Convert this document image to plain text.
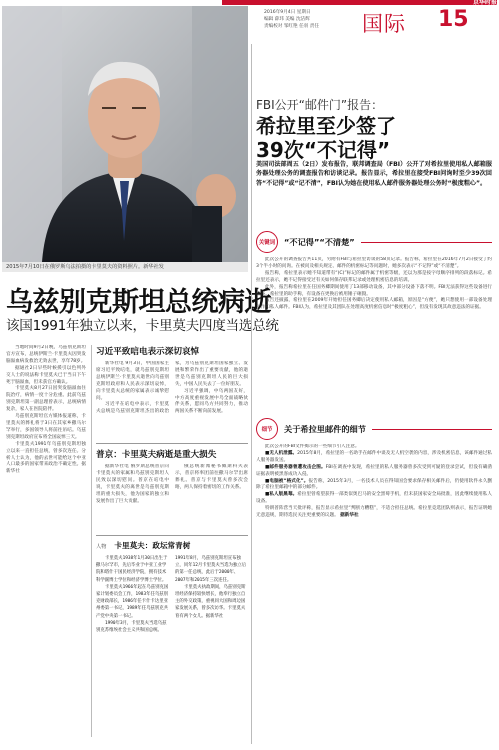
京华时报
2016年9月4日 星期日
编辑 薛玮 美编 沈洁辉
责编校对 邹红艳 任羽 责任	国际 15
2015年7月10日在俄罗斯乌法拍摄的卡里莫夫的资料照片。新华社发
乌兹别克斯坦总统病逝
该国1991年独立以来，卡里莫夫四度当选总统

当地时间9月2日晚，乌兹别克斯坦官方宣布，总统伊斯兰·卡里莫夫因突发脑溢血病发救治无效去世，享年78岁。

据通社2日早些时候援引以色列外交人士的说法称卡里莫夫已于当日下午死于脑溢血，但未获官方确认。

卡里莫夫8月27日因突发脑溢血住院治疗，病情一度十分危重。此前乌兹别克斯坦第一副总理曾表示，总统病情复杂，家人在医院陪伴。

乌兹别克斯坦官方媒体报道称，卡里莫夫的葬礼将于3日在其家乡撒马尔罕举行，多国领导人将前往吊唁。乌兹别克斯坦政府宣布将全国哀悼三天。

卡里莫夫1991年乌兹别克斯坦独立以来一直担任总统，曾多次连任。分析人士认为，他的去世可能给这个中亚人口最多的国家带来政治不确定性。据新华社

习近平致唁电表示深切哀悼

新华社电 9月3日，中国国家主席习近平致唁电，就乌兹别克斯坦总统伊斯兰·卡里莫夫逝世向乌兹别克斯坦政府和人民表示深切哀悼，向卡里莫夫总统的家属表示诚挚慰问。

习近平在唁电中表示，卡里莫夫总统是乌兹别克斯坦杰出的政治家，为乌兹别克斯坦国家独立、发展和繁荣作出了重要贡献，他的逝世是乌兹别克斯坦人民的巨大损失，中国人民失去了一位好朋友。

习近平强调，中乌两国友好，中方高度重视发展中乌全面战略伙伴关系，愿同乌方共同努力，推动两国关系不断向前发展。

普京：卡里莫夫病逝是重大损失

据新华社电 俄罗斯总统普京向卡里莫夫的家属和乌兹别克斯坦人民致以深切慰问。普京在唁电中说，卡里莫夫的离世是乌兹别克斯坦的重大损失，他为国家的独立和发展作出了巨大贡献。

俄总统新闻秘书佩斯科夫表示，普京将率团前往撒马尔罕出席葬礼。普京与卡里莫夫曾多次会晤，两人保持着密切的工作关系。

人物 卡里莫夫：政坛常青树

卡里莫夫1938年1月30日出生于撒马尔罕市，先后毕业于中亚工业学院和塔什干国民经济学院，拥有技术科学副博士学位和经济学博士学位。

卡里莫夫1966年起在乌兹别克国家计划委员会工作，1983年任乌兹别克财政部长，1986年任卡什卡达里亚州委第一书记，1989年任乌兹别克共产党中央第一书记。

1990年3月，卡里莫夫当选乌兹别克苏维埃社会主义共和国总统。1991年8月，乌兹别克斯坦宣布独立，同年12月卡里莫夫当选为独立后的第一任总统，此后于2000年、2007年和2015年三次连任。

卡里莫夫执政期间，乌兹别克斯坦经济保持较快增长，他奉行独立自主的外交政策，重视同大国和周边国家发展关系，曾多次访华。卡里莫夫育有两个女儿。据新华社

FBI公开“邮件门”报告：
希拉里至少签了
39次“不记得”
美国司法部周五（2日）发布报告，联邦调查局（FBI）公开了对希拉里使用私人邮箱服务器处理公务的调查报告和访谈记录。报告显示，希拉里在接受FBI问询时至少39次回答“不记得”或“记不清”，FBI认为她在使用私人邮件服务器处理公务时“极度粗心”。
关键词	“不记得”“不清楚”

此次公开的调查报告共11页，另附有FBI与希拉里访谈的58页记录。报告称，希拉里在2016年7月2日接受了约3个半小时的问询。在被问及相关规定、邮件的机密标记等问题时，她多次表示“不记得”或“不清楚”。

报告称，希拉里表示她不知道带有“(C)”标记的邮件属于机密等级，还以为那是按字母顺序排列的段落标记。希拉里还表示，她不记得接受过有关如何保存联邦记录或处理机密信息的培训。

此外，报告称希拉里在任国务卿期间使用了13部移动设备，其中部分设备下落不明。FBI无法获得这些设备进行检查。希拉里的助手称，有设备在更换后被用锤子砸毁。

报告还披露，希拉里在2009年开始担任国务卿后决定使用私人邮箱，原因是“方便”，她只想使用一部设备处理工作和私人邮件。FBI认为，希拉里及其团队在处理高度机密信息时“极度粗心”，但没有发现其故意违法的证据。

细节	关于希拉里邮件的细节

此次公开的FBI文件揭示的一些细节引人注意。

■无人机泄露。2015年8月，希拉里的一名助手在邮件中谈及无人机空袭的内容，涉及机密信息，该邮件通过私人服务器发送。

■邮件服务器曾遭攻击企图。FBI在调查中发现，希拉里的私人服务器曾多次受到可疑的登录尝试，但没有确凿证据表明被黑客成功入侵。

■电脑被“格式化”。报告称，2015年3月，一名技术人员在得知国会要求保存相关邮件后，仍使用软件永久删除了希拉里邮箱中的部分邮件。

■私人版黑莓。希拉里曾希望获得一部类似奥巴马的安全黑莓手机，但未获国家安全局批准，因此继续使用私人设备。

特朗普阵营当天批评称，报告显示希拉里“判断力糟糕”，不适合担任总统。希拉里竞选团队则表示，报告证明她无意违规，期待选民关注更重要的议题。 据新华社
